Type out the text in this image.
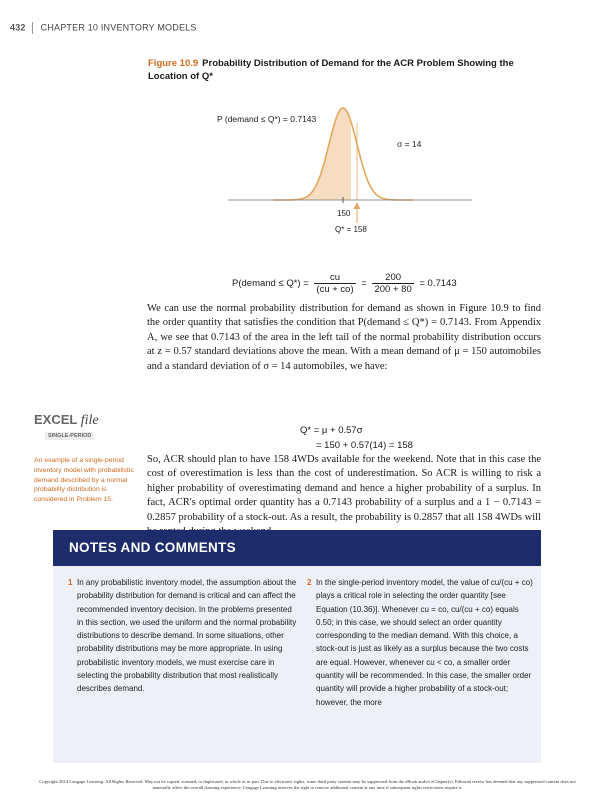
432 CHAPTER 10 INVENTORY MODELS
Figure 10.9 Probability Distribution of Demand for the ACR Problem Showing the Location of Q*
P (demand ≤ Q*) = 0.7143
σ = 14
150
Q* = 158
P(demand ≤ $Q*) = \frac{cu}{(cu + co)} = \frac{200}{200 + 80} = 0.7143$
We can use the normal probability distribution for demand as shown in Figure 10.9 to find the order quantity that satisfies the condition that P(demand ≤ Q*) = 0.7143. From Appendix A, we see that 0.7143 of the area in the left tail of the normal probability distribution occurs at z = 0.57 standard deviations above the mean. With a mean demand of μ = 150 automobiles and a standard deviation of σ = 14 automobiles, we have:
EXCEL file
SINGLE-PERIOD	Q* = μ + 0.57σ
= 150 + 0.57(14) = 158
An example of a single-period inventory model with probabilistic demand described by a normal probability distribution is considered in Problem 15.
So, ACR should plan to have 158 4WDs available for the weekend. Note that in this case the cost of overestimation is less than the cost of underestimation. So ACR is willing to risk a higher probability of overestimating demand and hence a higher probability of a surplus. In fact, ACR's optimal order quantity has a 0.7143 probability of a surplus and a 1 − 0.7143 = 0.2857 probability of a stock-out. As a result, the probability is 0.2857 that all 158 4WDs will
NOTES AND COMMENTS
1 In any probabilistic inventory model, the assumption about the probability distribution for demand is critical and can affect the recommended inventory decision. In the problems presented in this section, we used the uniform and the normal probability distributions to describe demand. In some situations, other probability distributions may be more appropriate. In using probabilistic inventory models, we must exercise care in selecting the probability distribution that most realistically describes demand.
2 In the single-period inventory model, the value of cu/(cu + co) plays a critical role in selecting the order quantity [see Equation (10.36)]. Whenever cu = co, cu/(cu + co) equals 0.50; in this case, we should select an order quantity corresponding to the median demand. With this choice, a stock-out is just as likely as a surplus because the two costs are equal. However, whenever cu < co, a smaller order quantity will be recommended. In this case, the smaller order quantity will provide a higher probability of a stock-out; however, the more
Copyright 2014 Cengage Learning. All Rights Reserved. May not be copied, scanned, or duplicated, in whole or in part. Due to electronic rights, some third party content may be suppressed from the eBook and/or eChapter(s). Editorial review has deemed that any suppressed content does not materially affect the overall learning experience. Cengage Learning reserves the right to remove additional content at any time if subsequent rights restrictions require it.
